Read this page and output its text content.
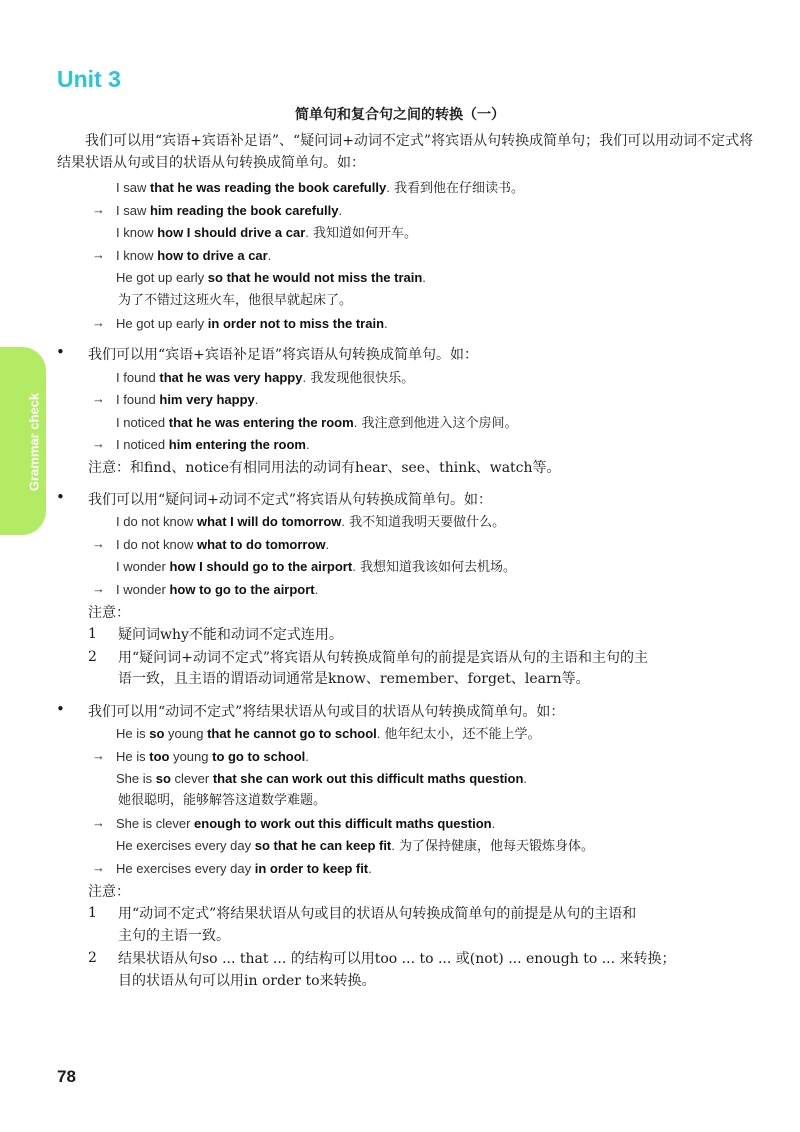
Unit 3
简单句和复合句之间的转换（一）
Grammar check
我们可以用“宾语+宾语补足语”、“疑问词+动词不定式”将宾语从句转换成简单句；我们可以用动词不定式将结果状语从句或目的状语从句转换成简单句。如：
I saw that he was reading the book carefully. 我看到他在仔细读书。
→ I saw him reading the book carefully.
I know how I should drive a car. 我知道如何开车。
→ I know how to drive a car.
He got up early so that he would not miss the train.
为了不错过这班火车，他很早就起床了。
→ He got up early in order not to miss the train.
• 我们可以用“宾语+宾语补足语”将宾语从句转换成简单句。如：
I found that he was very happy. 我发现他很快乐。
→ I found him very happy.
I noticed that he was entering the room. 我注意到他进入这个房间。
→ I noticed him entering the room.
注意：和find、notice有相同用法的动词有hear、see、think、watch等。
• 我们可以用“疑问词+动词不定式”将宾语从句转换成简单句。如：
I do not know what I will do tomorrow. 我不知道我明天要做什么。
→ I do not know what to do tomorrow.
I wonder how I should go to the airport. 我想知道我该如何去机场。
→ I wonder how to go to the airport.
注意：
1 疑问词why不能和动词不定式连用。
2 用“疑问词+动词不定式”将宾语从句转换成简单句的前提是宾语从句的主语和主句的主
语一致，且主语的谓语动词通常是know、remember、forget、learn等。
• 我们可以用“动词不定式”将结果状语从句或目的状语从句转换成简单句。如：
He is so young that he cannot go to school. 他年纪太小，还不能上学。
→ He is too young to go to school.
She is so clever that she can work out this difficult maths question.
她很聪明，能够解答这道数学难题。
→ She is clever enough to work out this difficult maths question.
He exercises every day so that he can keep fit. 为了保持健康，他每天锻炼身体。
→ He exercises every day in order to keep fit.
注意：
1 用“动词不定式”将结果状语从句或目的状语从句转换成简单句的前提是从句的主语和
主句的主语一致。
2 结果状语从句so ... that ... 的结构可以用too ... to ... 或(not) ... enough to ... 来转换；
目的状语从句可以用in order to来转换。
78
